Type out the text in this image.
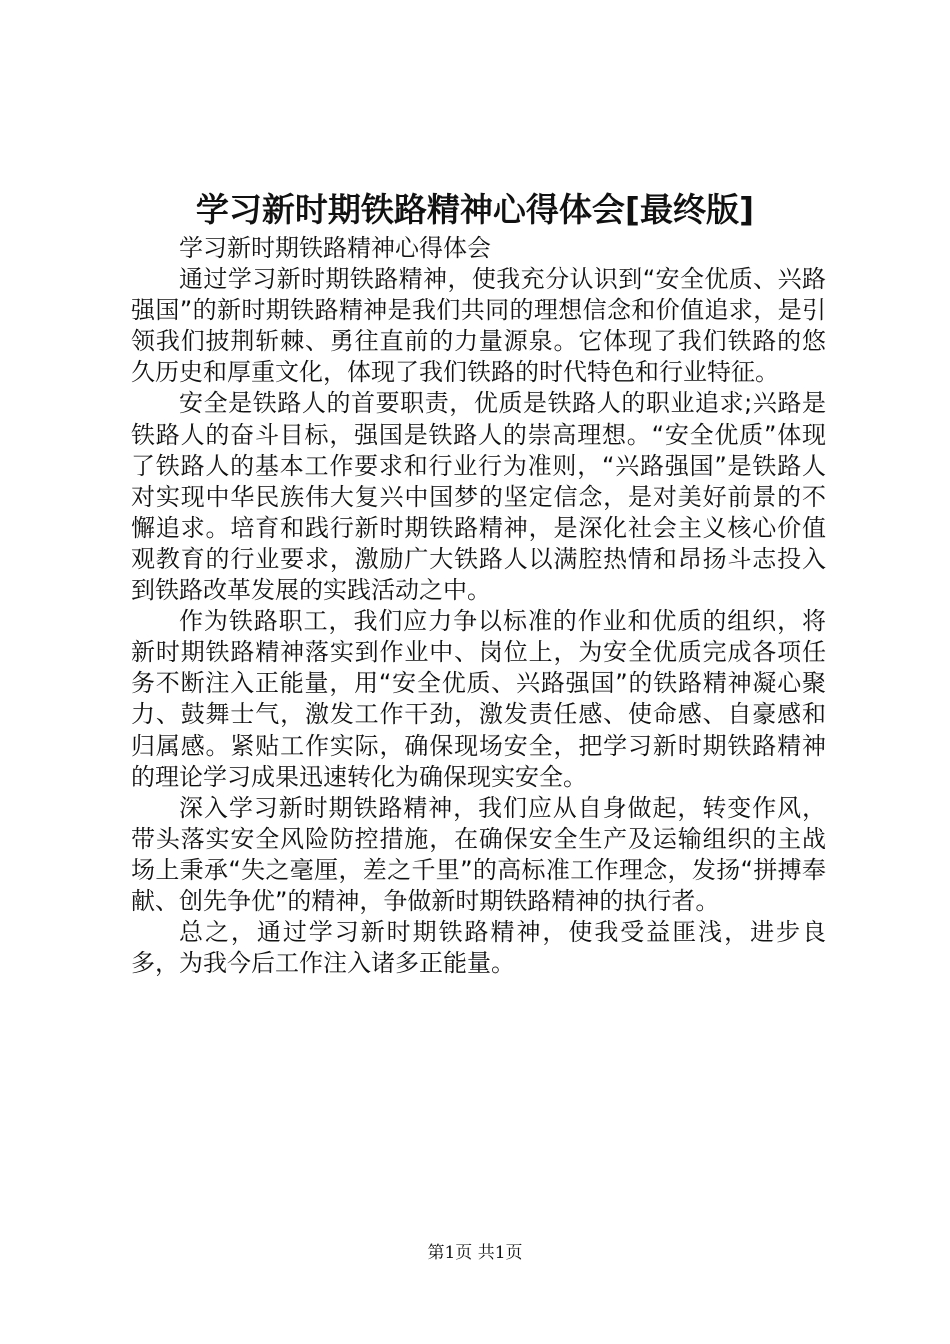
学习新时期铁路精神心得体会[最终版]

学习新时期铁路精神心得体会

通过学习新时期铁路精神，使我充分认识到“安全优质、兴路强国”的新时期铁路精神是我们共同的理想信念和价值追求，是引领我们披荆斩棘、勇往直前的力量源泉。它体现了我们铁路的悠久历史和厚重文化，体现了我们铁路的时代特色和行业特征。

安全是铁路人的首要职责，优质是铁路人的职业追求;兴路是铁路人的奋斗目标，强国是铁路人的崇高理想。“安全优质”体现了铁路人的基本工作要求和行业行为准则，“兴路强国”是铁路人对实现中华民族伟大复兴中国梦的坚定信念，是对美好前景的不懈追求。培育和践行新时期铁路精神，是深化社会主义核心价值观教育的行业要求，激励广大铁路人以满腔热情和昂扬斗志投入到铁路改革发展的实践活动之中。

作为铁路职工，我们应力争以标准的作业和优质的组织，将新时期铁路精神落实到作业中、岗位上，为安全优质完成各项任务不断注入正能量，用“安全优质、兴路强国”的铁路精神凝心聚力、鼓舞士气，激发工作干劲，激发责任感、使命感、自豪感和归属感。紧贴工作实际，确保现场安全，把学习新时期铁路精神的理论学习成果迅速转化为确保现实安全。

深入学习新时期铁路精神，我们应从自身做起，转变作风，带头落实安全风险防控措施，在确保安全生产及运输组织的主战场上秉承“失之毫厘，差之千里”的高标准工作理念，发扬“拼搏奉献、创先争优”的精神，争做新时期铁路精神的执行者。

总之，通过学习新时期铁路精神，使我受益匪浅，进步良多，为我今后工作注入诸多正能量。

第1页 共1页
